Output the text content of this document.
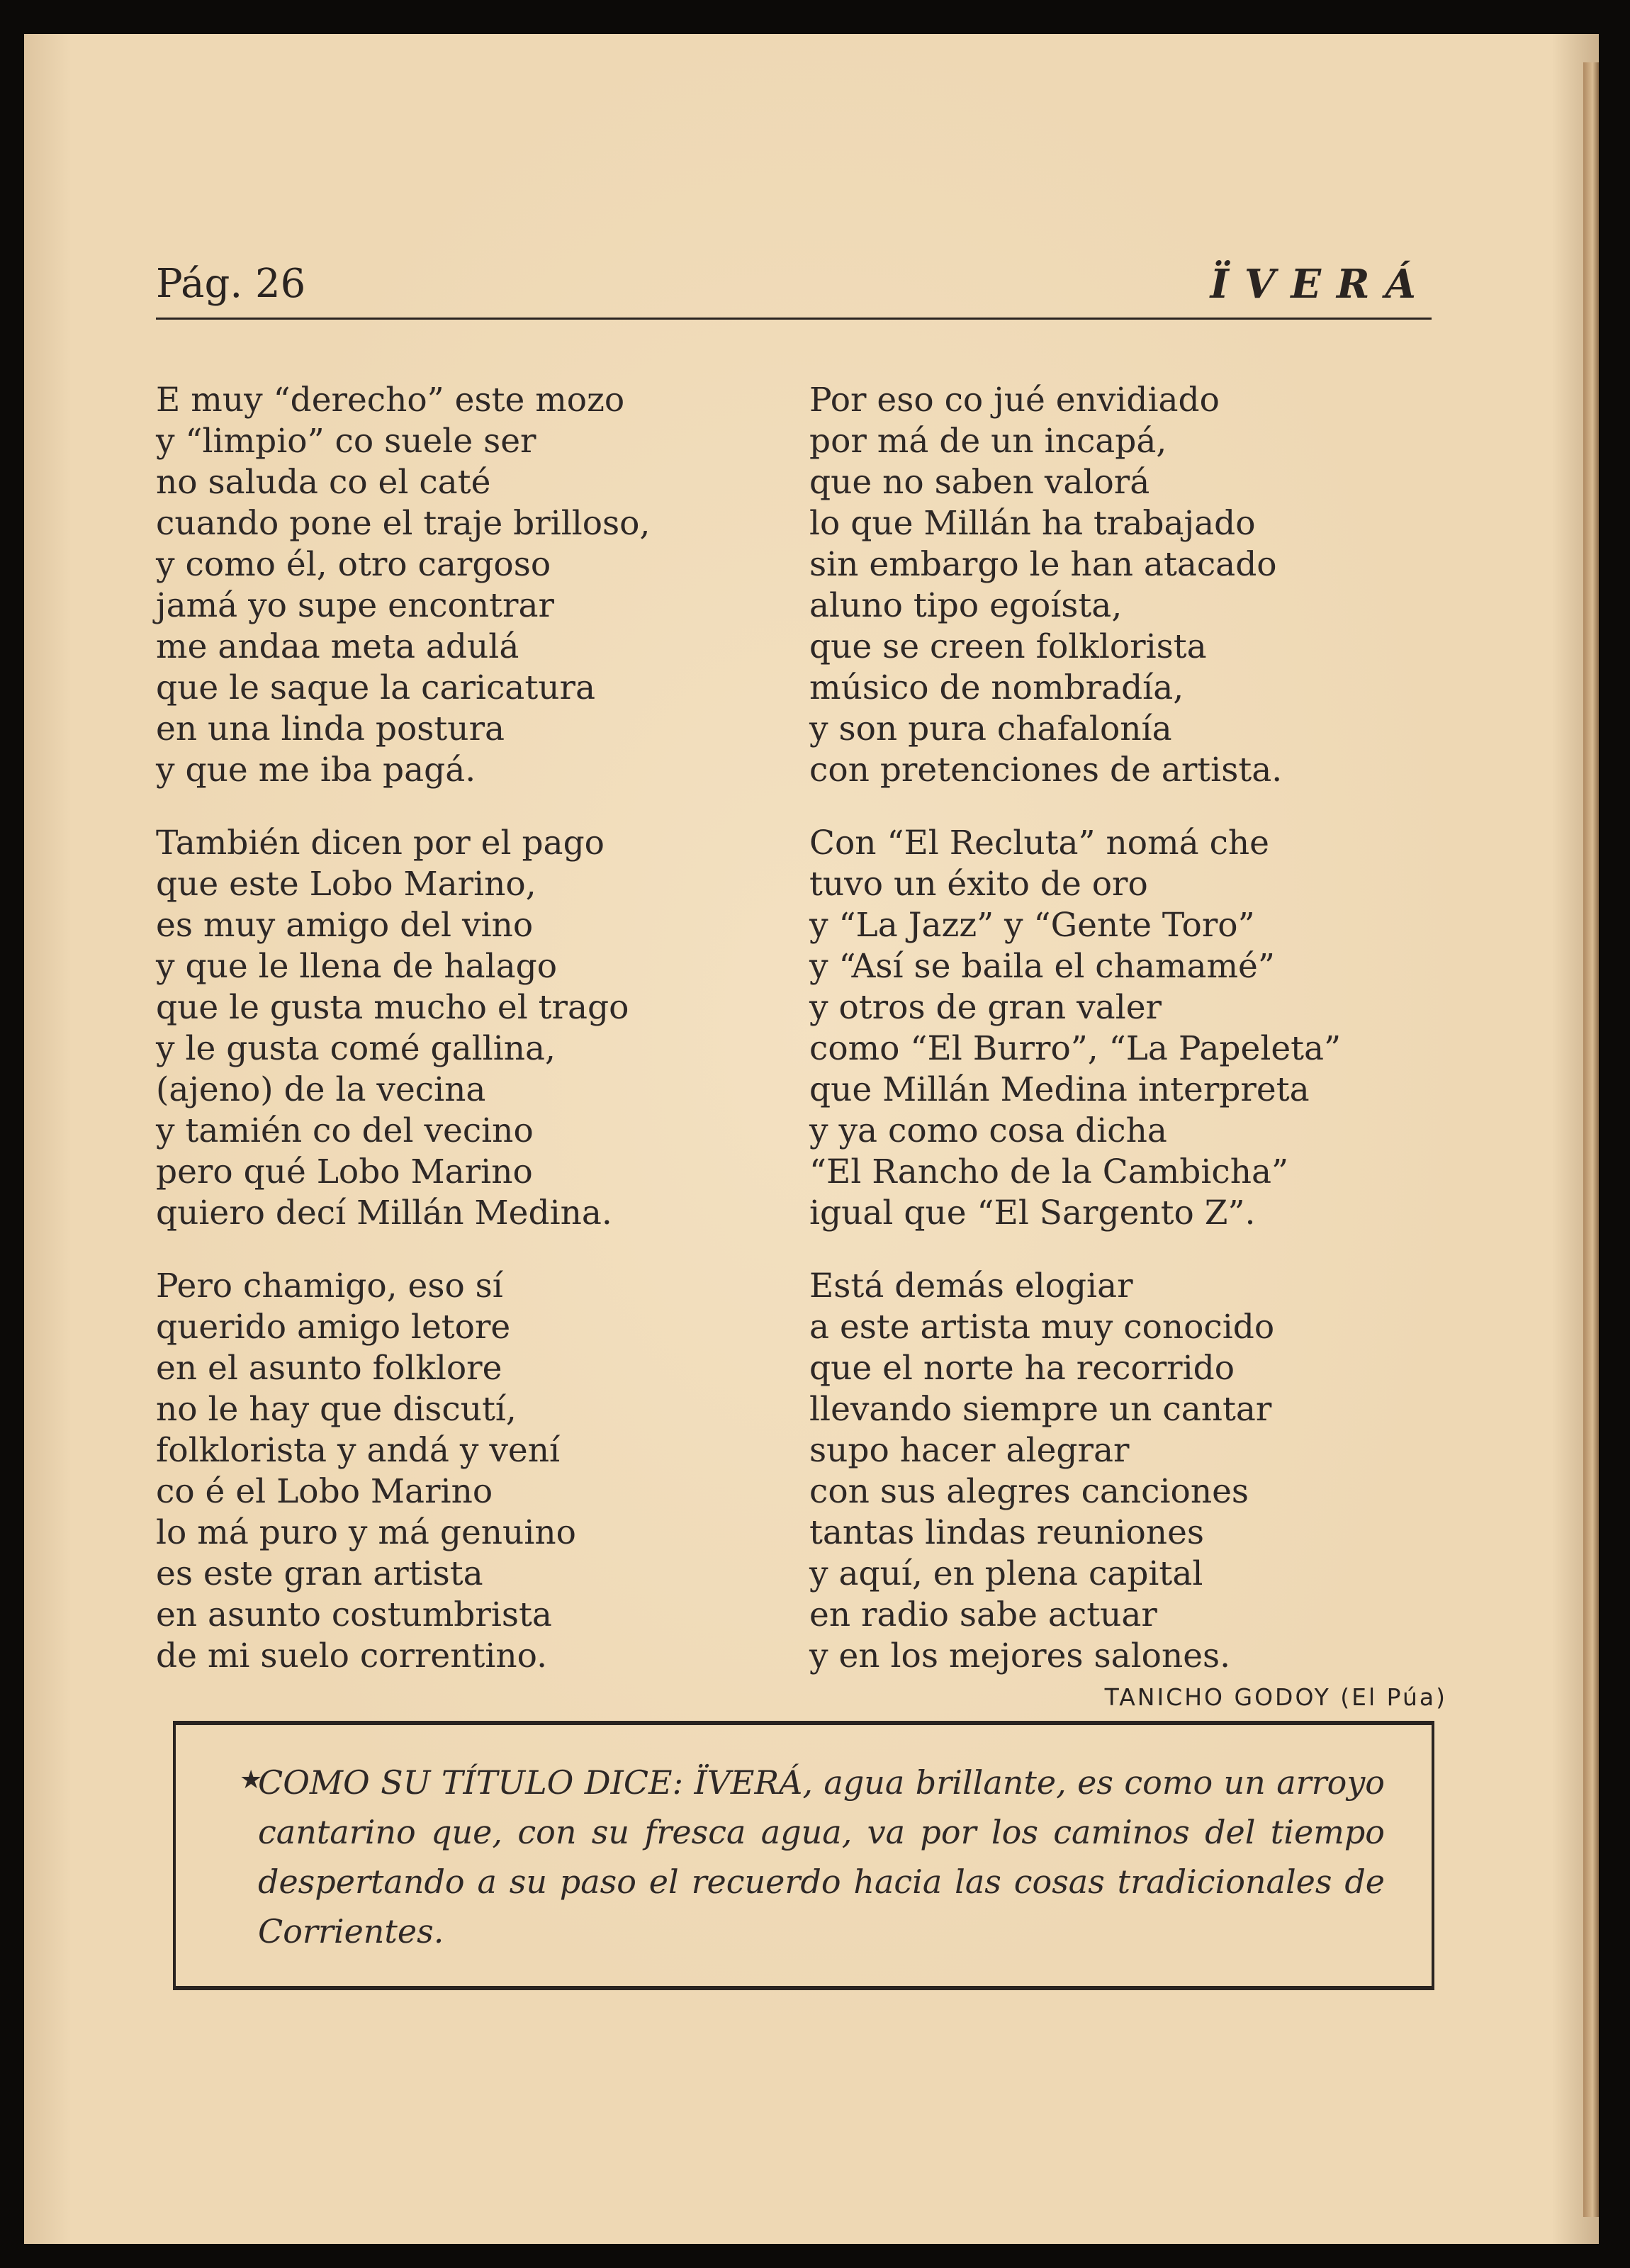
Pág. 26	ÏVERÁ
E muy “derecho” este mozo
y “limpio” co suele ser
no saluda co el caté
cuando pone el traje brilloso,
y como él, otro cargoso
jamá yo supe encontrar
me andaa meta adulá
que le saque la caricatura
en una linda postura
y que me iba pagá.
También dicen por el pago
que este Lobo Marino,
es muy amigo del vino
y que le llena de halago
que le gusta mucho el trago
y le gusta comé gallina,
(ajeno) de la vecina
y tamién co del vecino
pero qué Lobo Marino
quiero decí Millán Medina.
Pero chamigo, eso sí
querido amigo letore
en el asunto folklore
no le hay que discutí,
folklorista y andá y vení
co é el Lobo Marino
lo má puro y má genuino
es este gran artista
en asunto costumbrista
de mi suelo correntino.
Por eso co jué envidiado
por má de un incapá,
que no saben valorá
lo que Millán ha trabajado
sin embargo le han atacado
aluno tipo egoísta,
que se creen folklorista
músico de nombradía,
y son pura chafalonía
con pretenciones de artista.
Con “El Recluta” nomá che
tuvo un éxito de oro
y “La Jazz” y “Gente Toro”
y “Así se baila el chamamé”
y otros de gran valer
como “El Burro”, “La Papeleta”
que Millán Medina interpreta
y ya como cosa dicha
“El Rancho de la Cambicha”
igual que “El Sargento Z”.
Está demás elogiar
a este artista muy conocido
que el norte ha recorrido
llevando siempre un cantar
supo hacer alegrar
con sus alegres canciones
tantas lindas reuniones
y aquí, en plena capital
en radio sabe actuar
y en los mejores salones.
TANICHO GODOY (El Púa)
★
COMO SU TÍTULO DICE: ÏVERÁ, agua brillante, es como un arroyo cantarino que, con su fresca agua, va por los caminos del tiempo despertando a su paso el recuerdo hacia las cosas tradicionales de Corrientes.
